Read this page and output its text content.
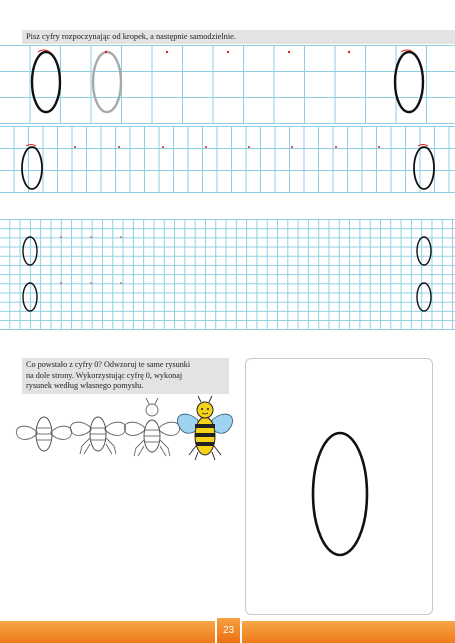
Pisz cyfry rozpoczynając od kropek, a następnie samodzielnie.
Co powstało z cyfry 0? Odwzoruj te same rysunki
na dole strony. Wykorzystując cyfrę 0, wykonaj
rysunek według własnego pomysłu.
23
